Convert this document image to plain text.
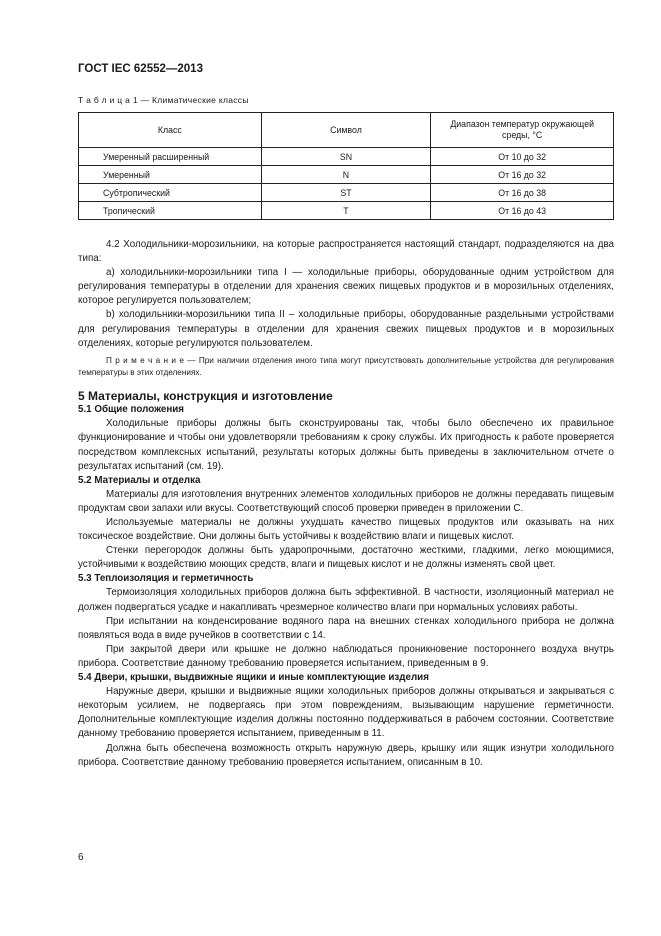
ГОСТ IEC 62552—2013
Т а б л и ц а 1 — Климатические классы
Класс	Символ	Диапазон температур окружающей среды, °С
Умеренный расширенный	SN	От 10 до 32
Умеренный	N	От 16 до 32
Субтропический	ST	От 16 до 38
Тропический	T	От 16 до 43

4.2 Холодильники-морозильники, на которые распространяется настоящий стандарт, подразделяются на два типа:

a) холодильники-морозильники типа I — холодильные приборы, оборудованные одним устройством для регулирования температуры в отделении для хранения свежих пищевых продуктов и в морозильных отделениях, которое регулируется пользователем;

b) холодильники-морозильники типа II – холодильные приборы, оборудованные раздельными устройствами для регулирования температуры в отделении для хранения свежих пищевых продуктов и в морозильных отделениях, которые регулируются пользователем.

П р и м е ч а н и е — При наличии отделения иного типа могут присутствовать дополнительные устройства для регулирования температуры в этих отделениях.

5 Материалы, конструкция и изготовление

5.1 Общие положения

Холодильные приборы должны быть сконструированы так, чтобы было обеспечено их правильное функционирование и чтобы они удовлетворяли требованиям к сроку службы. Их пригодность к работе проверяется посредством комплексных испытаний, результаты которых должны быть приведены в заключительном отчете о результатах испытаний (см. 19).

5.2 Материалы и отделка

Материалы для изготовления внутренних элементов холодильных приборов не должны передавать пищевым продуктам свои запахи или вкусы. Соответствующий способ проверки приведен в приложении С.

Используемые материалы не должны ухудшать качество пищевых продуктов или оказывать на них токсическое воздействие. Они должны быть устойчивы к воздействию влаги и пищевых кислот.

Стенки перегородок должны быть ударопрочными, достаточно жесткими, гладкими, легко моющимися, устойчивыми к воздействию моющих средств, влаги и пищевых кислот и не должны изменять свой цвет.

5.3 Теплоизоляция и герметичность

Термоизоляция холодильных приборов должна быть эффективной. В частности, изоляционный материал не должен подвергаться усадке и накапливать чрезмерное количество влаги при нормальных условиях работы.

При испытании на конденсирование водяного пара на внешних стенках холодильного прибора не должна появляться вода в виде ручейков в соответствии с 14.

При закрытой двери или крышке не должно наблюдаться проникновение постороннего воздуха внутрь прибора. Соответствие данному требованию проверяется испытанием, приведенным в 9.

5.4 Двери, крышки, выдвижные ящики и иные комплектующие изделия

Наружные двери, крышки и выдвижные ящики холодильных приборов должны открываться и закрываться с некоторым усилием, не подвергаясь при этом повреждениям, вызывающим нарушение герметичности. Дополнительные комплектующие изделия должны постоянно поддерживаться в рабочем состоянии. Соответствие данному требованию проверяется испытанием, приведенным в 11.

Должна быть обеспечена возможность открыть наружную дверь, крышку или ящик изнутри холодильного прибора. Соответствие данному требованию проверяется испытанием, описанным в 10.

6
